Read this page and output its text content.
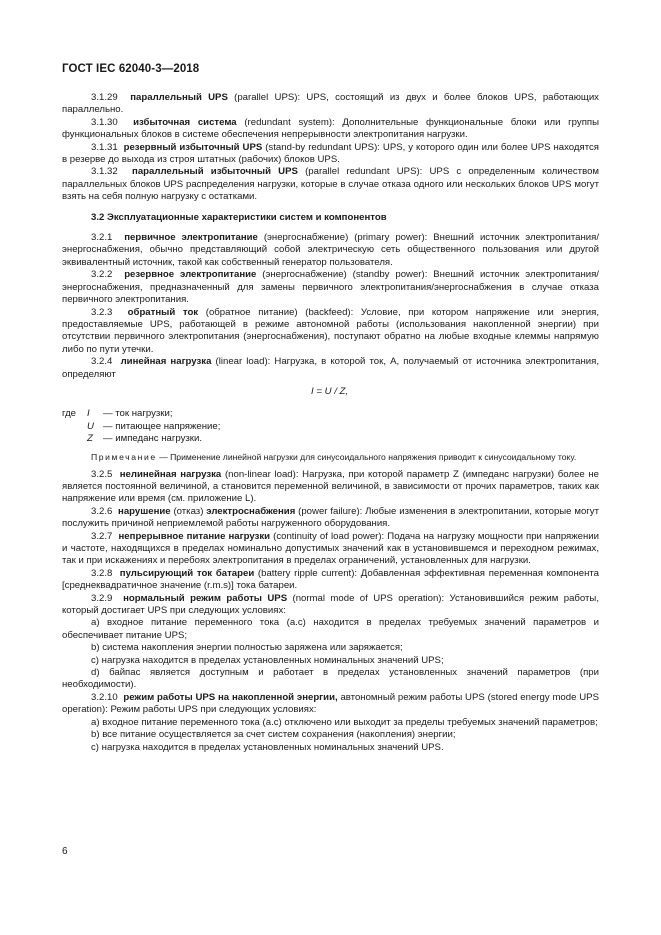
ГОСТ IEC 62040-3—2018

3.1.29 параллельный UPS (parallel UPS): UPS, состоящий из двух и более блоков UPS, работающих параллельно.

3.1.30 избыточная система (redundant system): Дополнительные функциональные блоки или группы функциональных блоков в системе обеспечения непрерывности электропитания нагрузки.

3.1.31 резервный избыточный UPS (stand-by redundant UPS): UPS, у которого один или более UPS находятся в резерве до выхода из строя штатных (рабочих) блоков UPS.

3.1.32 параллельный избыточный UPS (parallel redundant UPS): UPS с определенным количеством параллельных блоков UPS распределения нагрузки, которые в случае отказа одного или нескольких блоков UPS могут взять на себя полную нагрузку с остатками.

3.2 Эксплуатационные характеристики систем и компонентов

3.2.1 первичное электропитание (энергоснабжение) (primary power): Внешний источник электропитания/энергоснабжения, обычно представляющий собой электрическую сеть общественного пользования или другой эквивалентный источник, такой как собственный генератор пользователя.

3.2.2 резервное электропитание (энергоснабжение) (standby power): Внешний источник электропитания/энергоснабжения, предназначенный для замены первичного электропитания/энергоснабжения в случае отказа первичного электропитания.

3.2.3 обратный ток (обратное питание) (backfeed): Условие, при котором напряжение или энергия, предоставляемые UPS, работающей в режиме автономной работы (использования накопленной энергии) при отсутствии первичного электропитания (энергоснабжения), поступают обратно на любые входные клеммы напрямую либо по пути утечки.

3.2.4 линейная нагрузка (linear load): Нагрузка, в которой ток, A, получаемый от источника электропитания, определяют

I = U / Z,

где I — ток нагрузки;

U — питающее напряжение;

Z — импеданс нагрузки.

Примечание — Применение линейной нагрузки для синусоидального напряжения приводит к синусоидальному току.

3.2.5 нелинейная нагрузка (non-linear load): Нагрузка, при которой параметр Z (импеданс нагрузки) более не является постоянной величиной, а становится переменной величиной, в зависимости от прочих параметров, таких как напряжение или время (см. приложение L).

3.2.6 нарушение (отказ) электроснабжения (power failure): Любые изменения в электропитании, которые могут послужить причиной неприемлемой работы нагруженного оборудования.

3.2.7 непрерывное питание нагрузки (continuity of load power): Подача на нагрузку мощности при напряжении и частоте, находящихся в пределах номинально допустимых значений как в установившемся и переходном режимах, так и при искажениях и перебоях электропитания в пределах ограничений, установленных для нагрузки.

3.2.8 пульсирующий ток батареи (battery ripple current): Добавленная эффективная переменная компонента [среднеквадратичное значение (r.m.s)] тока батареи.

3.2.9 нормальный режим работы UPS (normal mode of UPS operation): Установившийся режим работы, который достигает UPS при следующих условиях:

a) входное питание переменного тока (a.c) находится в пределах требуемых значений параметров и обеспечивает питание UPS;

b) система накопления энергии полностью заряжена или заряжается;

c) нагрузка находится в пределах установленных номинальных значений UPS;

d) байпас является доступным и работает в пределах установленных значений параметров (при необходимости).

3.2.10 режим работы UPS на накопленной энергии, автономный режим работы UPS (stored energy mode UPS operation): Режим работы UPS при следующих условиях:

a) входное питание переменного тока (a.c) отключено или выходит за пределы требуемых значений параметров;

b) все питание осуществляется за счет систем сохранения (накопления) энергии;

c) нагрузка находится в пределах установленных номинальных значений UPS.

6
